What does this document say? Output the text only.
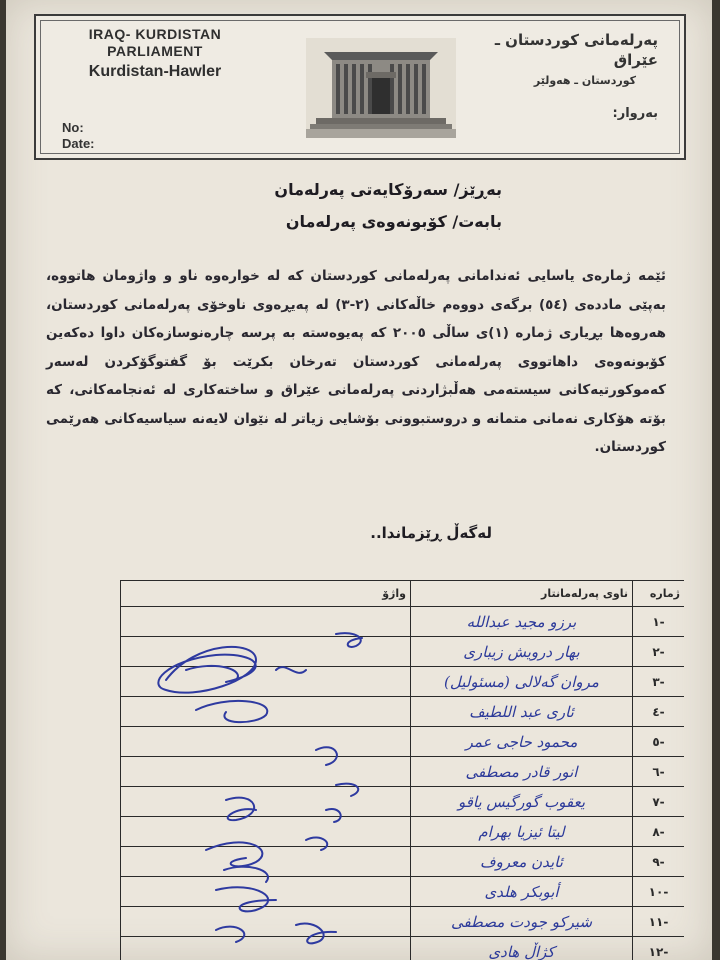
IRAQ- KURDISTAN
PARLIAMENT
Kurdistan-Hawler
No:
Date:
پەرلەمانی کوردستان ـ عێراق
کوردستان ـ هەولێر
بەروار:
بەڕێز/ سەرۆکایەتی پەرلەمان
بابەت/ کۆبونەوەی پەرلەمان
ئێمە ژمارەی یاسایی ئەندامانی پەرلەمانی کوردستان کە لە خوارەوە ناو و واژومان هاتووە، بەپێی ماددەی (٥٤) برگەی دووەم خاڵەکانی (٢-٣) لە پەیڕەوی ناوخۆی پەرلەمانی کوردستان، هەروەها بڕیاری ژمارە (١)ی ساڵی ٢٠٠٥ کە پەیوەستە بە پرسە چارەنوسازەکان داوا دەکەین کۆبونەوەی داهاتووی پەرلەمانی کوردستان تەرخان بکرێت بۆ گفتوگۆکردن لەسەر کەموکورتیەکانی سیستەمی هەڵبژاردنی پەرلەمانی عێراق و ساختەکاری لە ئەنجامەکانی، کە بۆتە هۆکاری نەمانی متمانە و دروستبوونی بۆشایی زیاتر لە نێوان لایەنە سیاسیەکانی هەرێمی کوردستان.
لەگەڵ ڕێزماندا..
ژمارە	ناوی پەرلەمانتار	واژۆ
-١	برزو مجید عبداللە	
-٢	بهار درویش زیباری	
-٣	مروان گەلالی (مسئولیل)	
-٤	ئاری عبد اللطیف	
-٥	محمود حاجی عمر	
-٦	انور قادر مصطفی	
-٧	یعقوب گورگیس یاقو	
-٨	لیتا ئیزیا بهرام	
-٩	ئایدن معروف	
-١٠	أبوبکر هلدی	
-١١	شیرکو جودت مصطفی	
-١٢	کژاڵ هادی	
